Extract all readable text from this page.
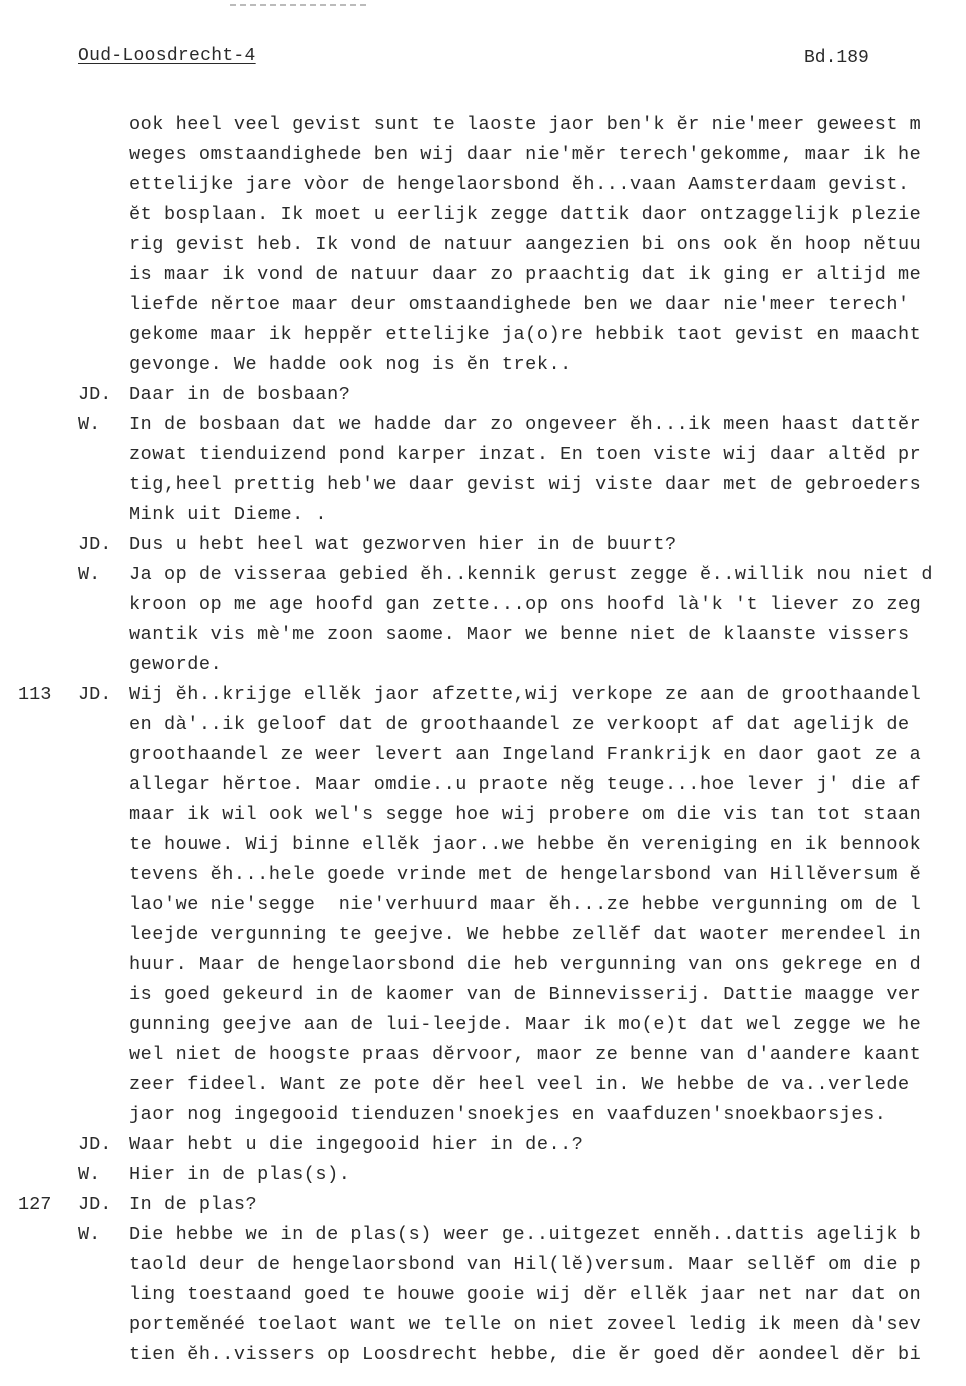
Oud-Loosdrecht-4	Bd.189
ook heel veel gevist sunt te laoste jaor ben'k ĕr nie'meer geweest m
weges omstaandighede ben wij daar nie'mĕr terech'gekomme, maar ik he
ettelijke jare vòor de hengelaorsbond ĕh...vaan Aamsterdaam gevist.
ĕt bosplaan. Ik moet u eerlijk zegge dattik daor ontzaggelijk plezie
rig gevist heb. Ik vond de natuur aangezien bi ons ook ĕn hoop nĕtuu
is maar ik vond de natuur daar zo praachtig dat ik ging er altijd me
liefde nĕrtoe maar deur omstaandighede ben we daar nie'meer terech'
gekome maar ik heppĕr ettelijke ja(o)re hebbik taot gevist en maacht
gevonge. We hadde ook nog is ĕn trek..
JD. Daar in de bosbaan?
W. In de bosbaan dat we hadde dar zo ongeveer ĕh...ik meen haast dattĕr
zowat tienduizend pond karper inzat. En toen viste wij daar altĕd pr
tig,heel prettig heb'we daar gevist wij viste daar met de gebroeders
Mink uit Dieme. .
JD. Dus u hebt heel wat gezworven hier in de buurt?
W. Ja op de visseraa gebied ĕh..kennik gerust zegge ĕ..willik nou niet d
kroon op me age hoofd gan zette...op ons hoofd là'k 't liever zo zeg
wantik vis mè'me zoon saome. Maor we benne niet de klaanste vissers
geworde.
113 JD. Wij ĕh..krijge ellĕk jaor afzette,wij verkope ze aan de groothaandel
en dà'..ik geloof dat de groothaandel ze verkoopt af dat agelijk de
groothaandel ze weer levert aan Ingeland Frankrijk en daor gaot ze a
allegar hĕrtoe. Maar omdie..u praote nĕg teuge...hoe lever j' die af
maar ik wil ook wel's segge hoe wij probere om die vis tan tot staan
te houwe. Wij binne ellĕk jaor..we hebbe ĕn vereniging en ik bennook
tevens ĕh...hele goede vrinde met de hengelarsbond van Hillĕversum ĕ
lao'we nie'segge  nie'verhuurd maar ĕh...ze hebbe vergunning om de l
leejde vergunning te geejve. We hebbe zellĕf dat waoter merendeel in
huur. Maar de hengelaorsbond die heb vergunning van ons gekrege en d
is goed gekeurd in de kaomer van de Binnevisserij. Dattie maagge ver
gunning geejve aan de lui-leejde. Maar ik mo(e)t dat wel zegge we he
wel niet de hoogste praas dĕrvoor, maor ze benne van d'aandere kaant
zeer fideel. Want ze pote dĕr heel veel in. We hebbe de va..verlede
jaor nog ingegooid tienduzen'snoekjes en vaafduzen'snoekbaorsjes.
JD. Waar hebt u die ingegooid hier in de..?
W. Hier in de plas(s).
127 JD. In de plas?
W. Die hebbe we in de plas(s) weer ge..uitgezet ennĕh..dattis agelijk b
taold deur de hengelaorsbond van Hil(lĕ)versum. Maar sellĕf om die p
ling toestaand goed te houwe gooie wij dĕr ellĕk jaar net nar dat on
portemĕnéé toelaot want we telle on niet zoveel ledig ik meen dà'sev
tien ĕh..vissers op Loosdrecht hebbe, die ĕr goed dĕr aondeel dĕr bi
